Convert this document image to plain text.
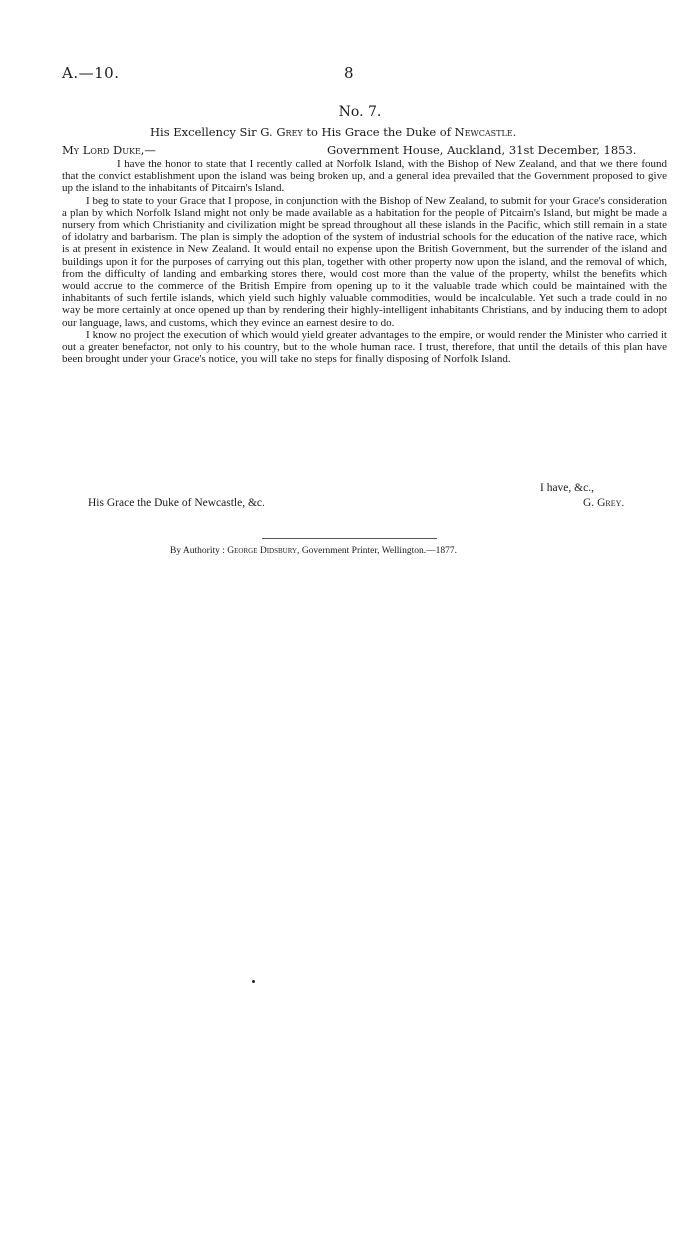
A.—10.	8
No. 7.
His Excellency Sir G. Grey to His Grace the Duke of Newcastle.
My Lord Duke,—	Government House, Auckland, 31st December, 1853.

I have the honor to state that I recently called at Norfolk Island, with the Bishop of New Zealand, and that we there found that the convict establishment upon the island was being broken up, and a general idea prevailed that the Government proposed to give up the island to the inhabitants of Pitcairn's Island.

I beg to state to your Grace that I propose, in conjunction with the Bishop of New Zealand, to submit for your Grace's consideration a plan by which Norfolk Island might not only be made available as a habitation for the people of Pitcairn's Island, but might be made a nursery from which Christianity and civilization might be spread throughout all these islands in the Pacific, which still remain in a state of idolatry and barbarism. The plan is simply the adoption of the system of industrial schools for the education of the native race, which is at present in existence in New Zealand. It would entail no expense upon the British Government, but the surrender of the island and buildings upon it for the purposes of carrying out this plan, together with other property now upon the island, and the removal of which, from the difficulty of landing and embarking stores there, would cost more than the value of the property, whilst the benefits which would accrue to the commerce of the British Empire from opening up to it the valuable trade which could be maintained with the inhabitants of such fertile islands, which yield such highly valuable commodities, would be incalculable. Yet such a trade could in no way be more certainly at once opened up than by rendering their highly-intelligent inhabitants Christians, and by inducing them to adopt our language, laws, and customs, which they evince an earnest desire to do.

I know no project the execution of which would yield greater advantages to the empire, or would render the Minister who carried it out a greater benefactor, not only to his country, but to the whole human race. I trust, therefore, that until the details of this plan have been brought under your Grace's notice, you will take no steps for finally disposing of Norfolk Island.

I have, &c.,
His Grace the Duke of Newcastle, &c.	G. Grey.
By Authority : George Didsbury, Government Printer, Wellington.—1877.
